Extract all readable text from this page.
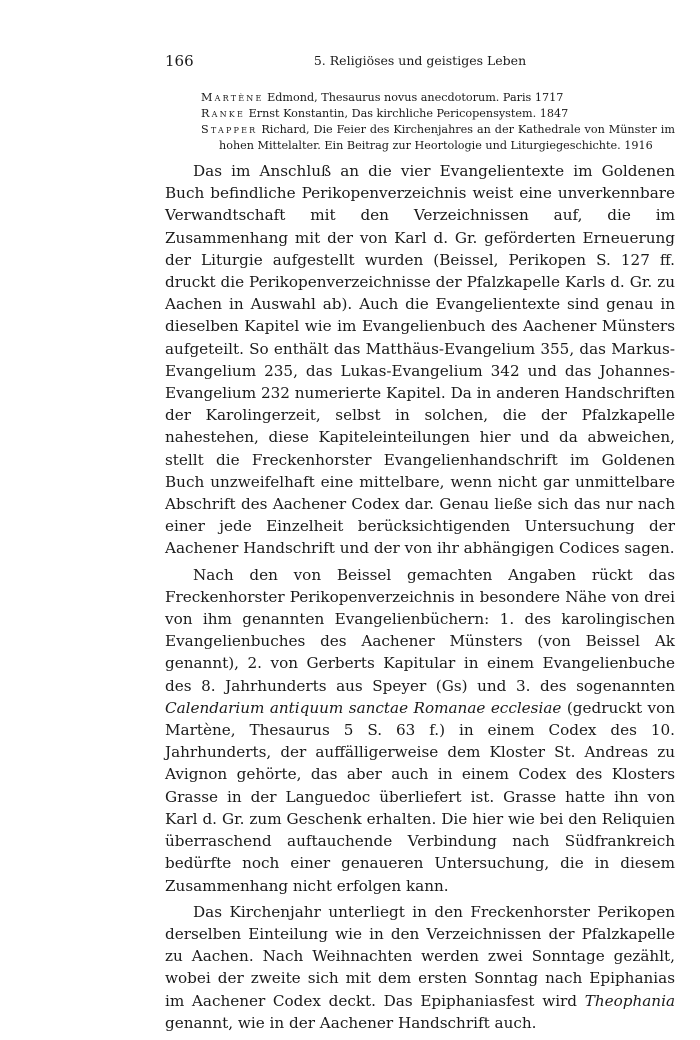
166	5. Religiöses und geistiges Leben
Martène Edmond, Thesaurus novus anecdotorum. Paris 1717
Ranke Ernst Konstantin, Das kirchliche Pericopensystem. 1847
Stapper Richard, Die Feier des Kirchenjahres an der Kathedrale von Münster im hohen Mittelalter. Ein Beitrag zur Heortologie und Liturgiegeschichte. 1916

Das im Anschluß an die vier Evangelientexte im Goldenen Buch befindliche Perikopenverzeichnis weist eine unverkennbare Verwandtschaft mit den Verzeichnissen auf, die im Zusammenhang mit der von Karl d. Gr. geförderten Erneuerung der Liturgie aufgestellt wurden (Beissel, Perikopen S. 127 ff. druckt die Perikopenverzeichnisse der Pfalzkapelle Karls d. Gr. zu Aachen in Auswahl ab). Auch die Evangelientexte sind genau in dieselben Kapitel wie im Evangelienbuch des Aachener Münsters aufgeteilt. So enthält das Matthäus-Evangelium 355, das Markus-Evangelium 235, das Lukas-Evangelium 342 und das Johannes-Evangelium 232 numerierte Kapitel. Da in anderen Handschriften der Karolingerzeit, selbst in solchen, die der Pfalzkapelle nahestehen, diese Kapiteleinteilungen hier und da abweichen, stellt die Freckenhorster Evangelienhandschrift im Goldenen Buch unzweifelhaft eine mittelbare, wenn nicht gar unmittelbare Abschrift des Aachener Codex dar. Genau ließe sich das nur nach einer jede Einzelheit berücksichtigenden Untersuchung der Aachener Handschrift und der von ihr abhängigen Codices sagen.

Nach den von Beissel gemachten Angaben rückt das Freckenhorster Perikopenverzeichnis in besondere Nähe von drei von ihm genannten Evangelienbüchern: 1. des karolingischen Evangelienbuches des Aachener Münsters (von Beissel Ak genannt), 2. von Gerberts Kapitular in einem Evangelienbuche des 8. Jahrhunderts aus Speyer (Gs) und 3. des sogenannten Calendarium antiquum sanctae Romanae ecclesiae (gedruckt von Martène, Thesaurus 5 S. 63 f.) in einem Codex des 10. Jahrhunderts, der auffälligerweise dem Kloster St. Andreas zu Avignon gehörte, das aber auch in einem Codex des Klosters Grasse in der Languedoc überliefert ist. Grasse hatte ihn von Karl d. Gr. zum Geschenk erhalten. Die hier wie bei den Reliquien überraschend auftauchende Verbindung nach Südfrankreich bedürfte noch einer genaueren Untersuchung, die in diesem Zusammenhang nicht erfolgen kann.

Das Kirchenjahr unterliegt in den Freckenhorster Perikopen derselben Einteilung wie in den Verzeichnissen der Pfalzkapelle zu Aachen. Nach Weihnachten werden zwei Sonntage gezählt, wobei der zweite sich mit dem ersten Sonntag nach Epiphanias im Aachener Codex deckt. Das Epiphaniasfest wird Theophania genannt, wie in der Aachener Handschrift auch.
